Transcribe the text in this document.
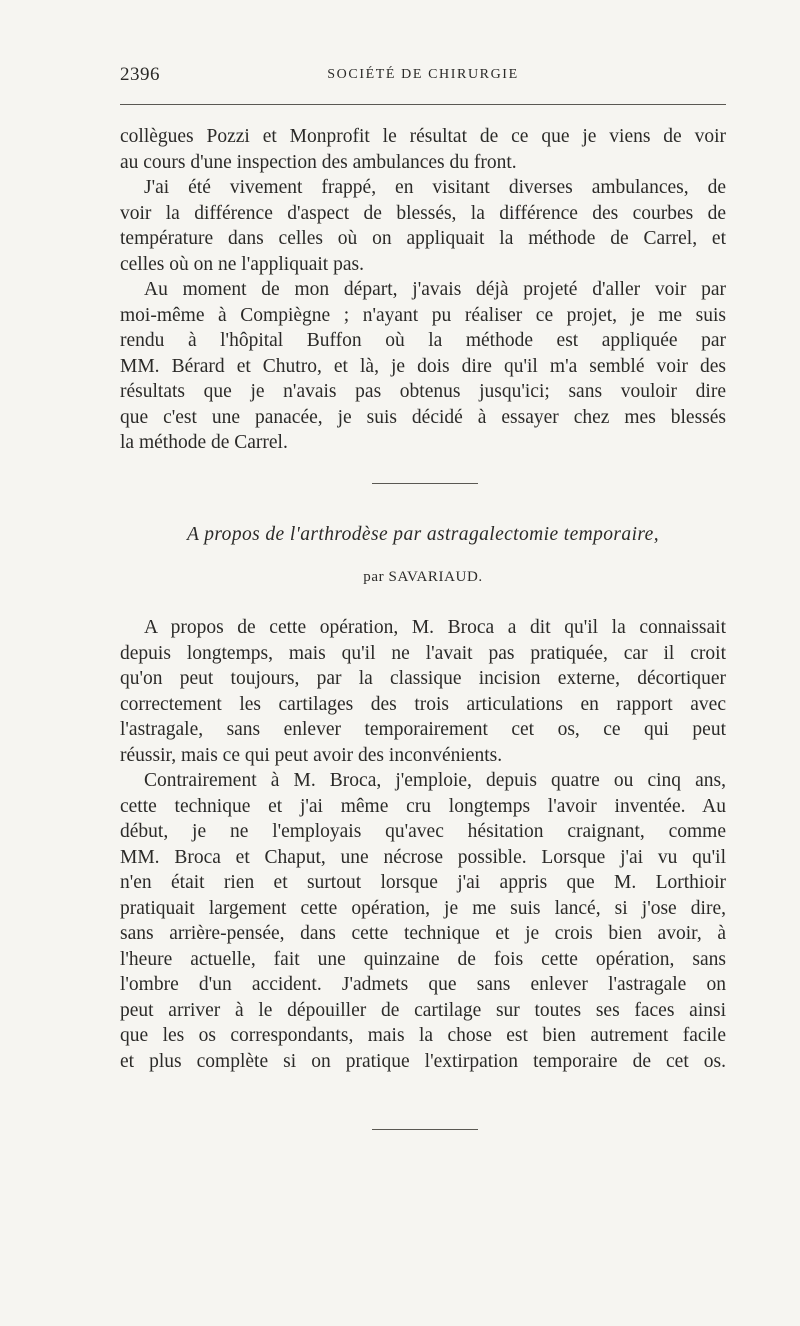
2396	SOCIÉTÉ DE CHIRURGIE

collègues Pozzi et Monprofit le résultat de ce que je viens de voir

au cours d'une inspection des ambulances du front.

J'ai été vivement frappé, en visitant diverses ambulances, de

voir la différence d'aspect de blessés, la différence des courbes de

température dans celles où on appliquait la méthode de Carrel, et

celles où on ne l'appliquait pas.

Au moment de mon départ, j'avais déjà projeté d'aller voir par

moi-même à Compiègne ; n'ayant pu réaliser ce projet, je me suis

rendu à l'hôpital Buffon où la méthode est appliquée par

MM. Bérard et Chutro, et là, je dois dire qu'il m'a semblé voir des

résultats que je n'avais pas obtenus jusqu'ici; sans vouloir dire

que c'est une panacée, je suis décidé à essayer chez mes blessés

la méthode de Carrel.

A propos de l'arthrodèse par astragalectomie temporaire,
par SAVARIAUD.

A propos de cette opération, M. Broca a dit qu'il la connaissait

depuis longtemps, mais qu'il ne l'avait pas pratiquée, car il croit

qu'on peut toujours, par la classique incision externe, décortiquer

correctement les cartilages des trois articulations en rapport avec

l'astragale, sans enlever temporairement cet os, ce qui peut

réussir, mais ce qui peut avoir des inconvénients.

Contrairement à M. Broca, j'emploie, depuis quatre ou cinq ans,

cette technique et j'ai même cru longtemps l'avoir inventée. Au

début, je ne l'employais qu'avec hésitation craignant, comme

MM. Broca et Chaput, une nécrose possible. Lorsque j'ai vu qu'il

n'en était rien et surtout lorsque j'ai appris que M. Lorthioir

pratiquait largement cette opération, je me suis lancé, si j'ose dire,

sans arrière-pensée, dans cette technique et je crois bien avoir, à

l'heure actuelle, fait une quinzaine de fois cette opération, sans

l'ombre d'un accident. J'admets que sans enlever l'astragale on

peut arriver à le dépouiller de cartilage sur toutes ses faces ainsi

que les os correspondants, mais la chose est bien autrement facile

et plus complète si on pratique l'extirpation temporaire de cet os.
